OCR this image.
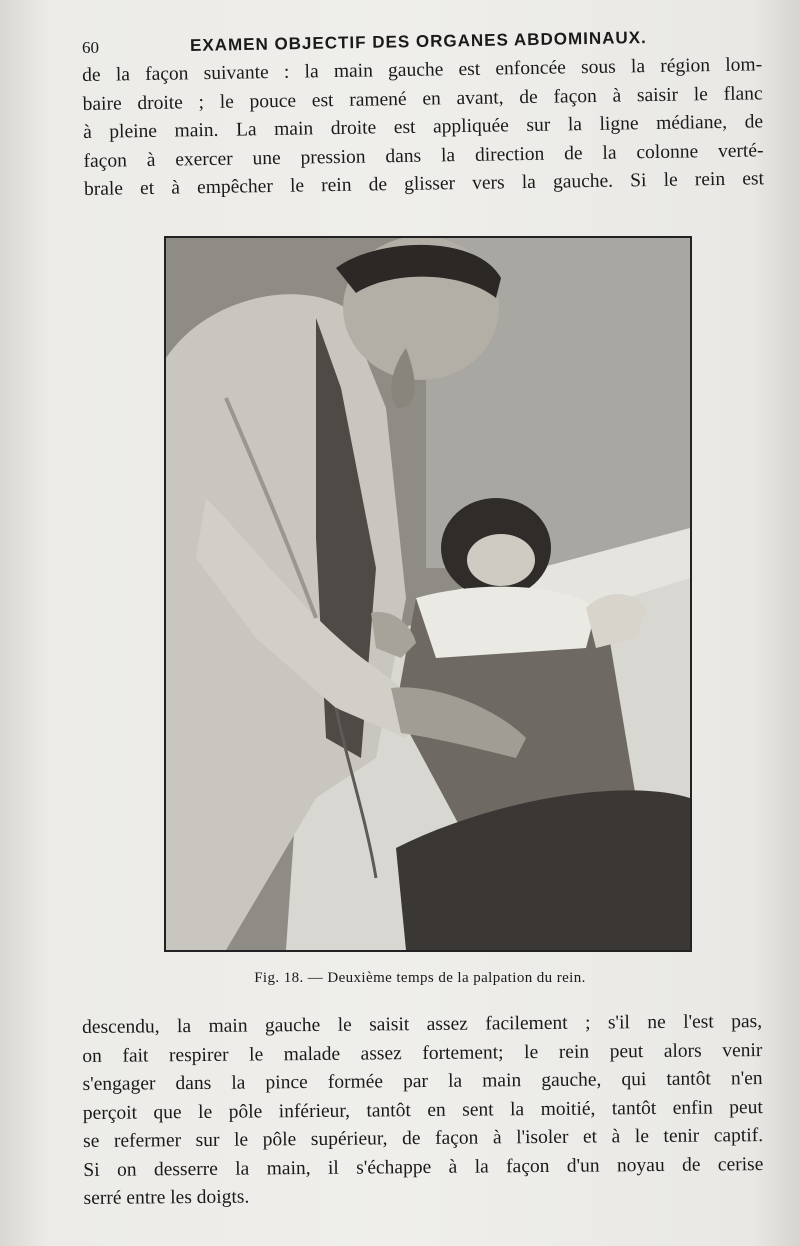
60	EXAMEN OBJECTIF DES ORGANES ABDOMINAUX.
de la façon suivante : la main gauche est enfoncée sous la région lom-
baire droite ; le pouce est ramené en avant, de façon à saisir le flanc
à pleine main. La main droite est appliquée sur la ligne médiane, de
façon à exercer une pression dans la direction de la colonne verté-
brale et à empêcher le rein de glisser vers la gauche. Si le rein est
Fig. 18. — Deuxième temps de la palpation du rein.
descendu, la main gauche le saisit assez facilement ; s'il ne l'est pas,
on fait respirer le malade assez fortement; le rein peut alors venir
s'engager dans la pince formée par la main gauche, qui tantôt n'en
perçoit que le pôle inférieur, tantôt en sent la moitié, tantôt enfin peut
se refermer sur le pôle supérieur, de façon à l'isoler et à le tenir captif.
Si on desserre la main, il s'échappe à la façon d'un noyau de cerise
serré entre les doigts.
